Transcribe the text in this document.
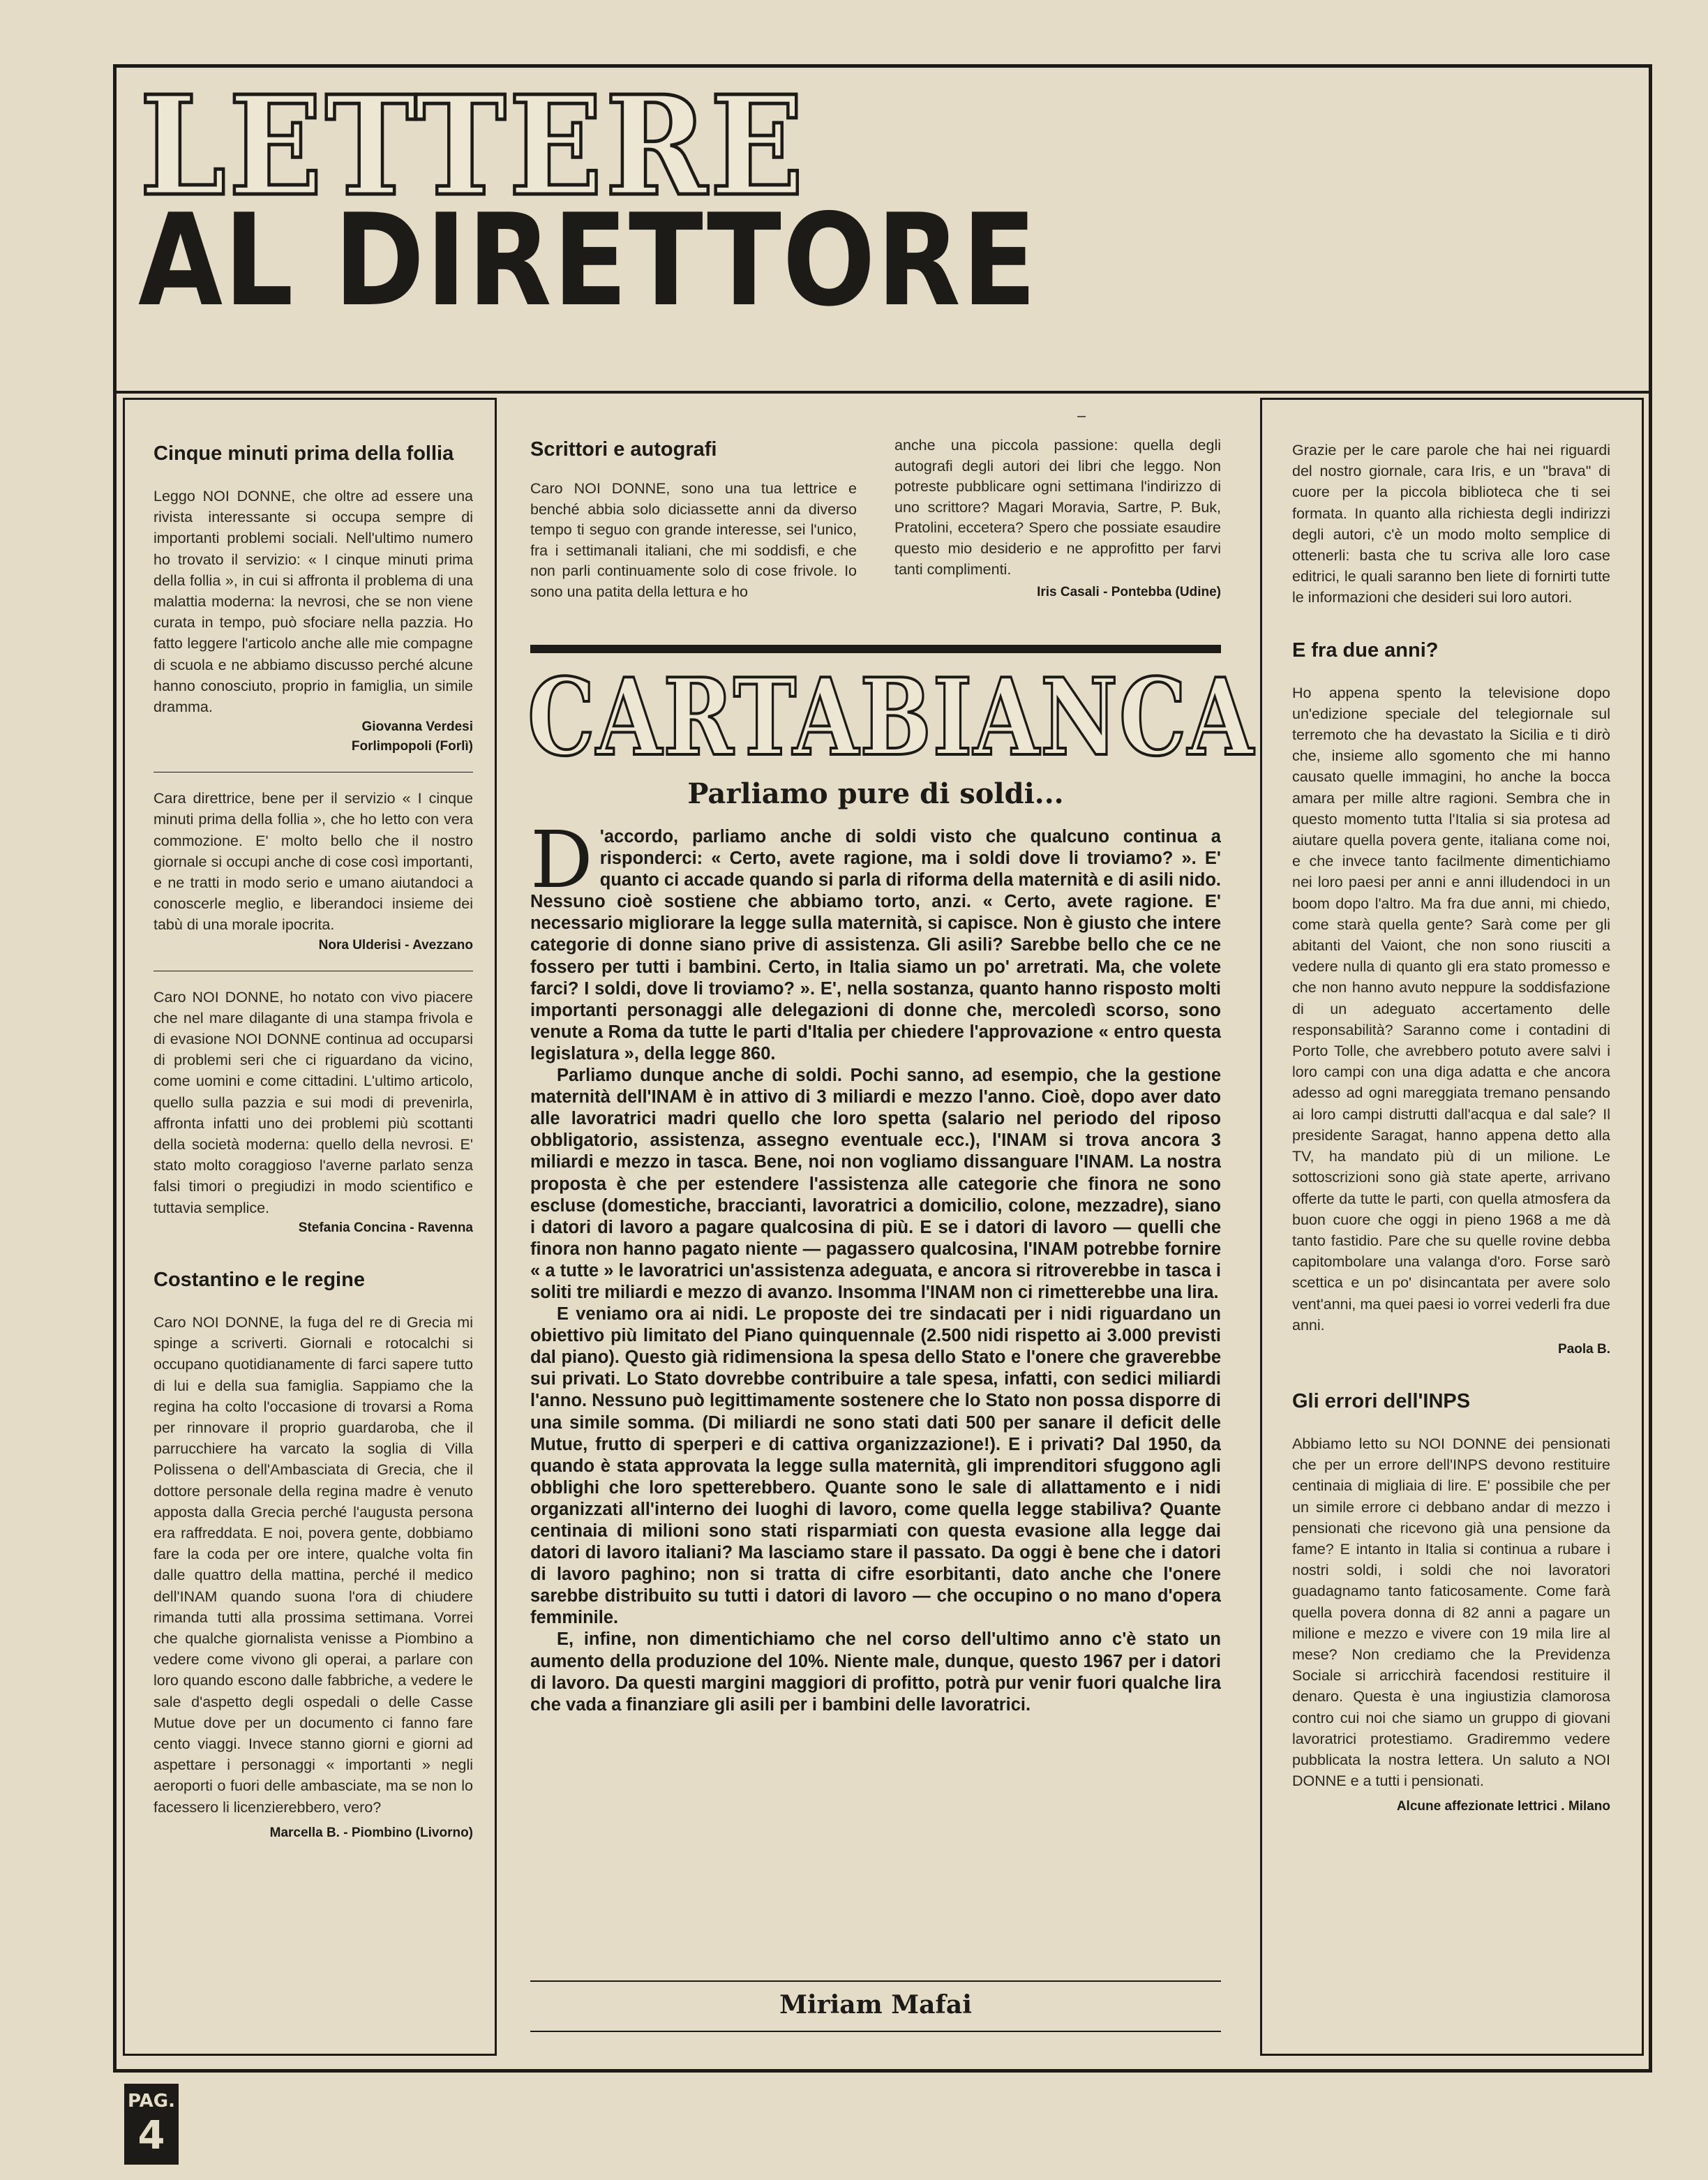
LETTERE
AL DIRETTORE
Cinque minuti prima della follia

Leggo NOI DONNE, che oltre ad essere una rivista interessante si occupa sempre di importanti problemi sociali. Nell'ultimo numero ho trovato il servizio: « I cinque minuti prima della follia », in cui si affronta il problema di una malattia moderna: la nevrosi, che se non viene curata in tempo, può sfociare nella pazzia. Ho fatto leggere l'articolo anche alle mie compagne di scuola e ne abbiamo discusso perché alcune hanno conosciuto, proprio in famiglia, un simile dramma.

Giovanna Verdesi
Forlimpopoli (Forlì)

Cara direttrice, bene per il servizio « I cinque minuti prima della follia », che ho letto con vera commozione. E' molto bello che il nostro giornale si occupi anche di cose così importanti, e ne tratti in modo serio e umano aiutandoci a conoscerle meglio, e liberandoci insieme dei tabù di una morale ipocrita.

Nora Ulderisi - Avezzano

Caro NOI DONNE, ho notato con vivo piacere che nel mare dilagante di una stampa frivola e di evasione NOI DONNE continua ad occuparsi di problemi seri che ci riguardano da vicino, come uomini e come cittadini. L'ultimo articolo, quello sulla pazzia e sui modi di prevenirla, affronta infatti uno dei problemi più scottanti della società moderna: quello della nevrosi. E' stato molto coraggioso l'averne parlato senza falsi timori o pregiudizi in modo scientifico e tuttavia semplice.

Stefania Concina - Ravenna
Costantino e le regine

Caro NOI DONNE, la fuga del re di Grecia mi spinge a scriverti. Giornali e rotocalchi si occupano quotidianamente di farci sapere tutto di lui e della sua famiglia. Sappiamo che la regina ha colto l'occasione di trovarsi a Roma per rinnovare il proprio guardaroba, che il parrucchiere ha varcato la soglia di Villa Polissena o dell'Ambasciata di Grecia, che il dottore personale della regina madre è venuto apposta dalla Grecia perché l'augusta persona era raffreddata. E noi, povera gente, dobbiamo fare la coda per ore intere, qualche volta fin dalle quattro della mattina, perché il medico dell'INAM quando suona l'ora di chiudere rimanda tutti alla prossima settimana. Vorrei che qualche giornalista venisse a Piombino a vedere come vivono gli operai, a parlare con loro quando escono dalle fabbriche, a vedere le sale d'aspetto degli ospedali o delle Casse Mutue dove per un documento ci fanno fare cento viaggi. Invece stanno giorni e giorni ad aspettare i personaggi « importanti » negli aeroporti o fuori delle ambasciate, ma se non lo facessero li licenzierebbero, vero?

Marcella B. - Piombino (Livorno)
Scrittori e autografi

Caro NOI DONNE, sono una tua lettrice e benché abbia solo diciassette anni da diverso tempo ti seguo con grande interesse, sei l'unico, fra i settimanali italiani, che mi soddisfi, e che non parli continuamente solo di cose frivole. Io sono una patita della lettura e ho

anche una piccola passione: quella degli autografi degli autori dei libri che leggo. Non potreste pubblicare ogni settimana l'indirizzo di uno scrittore? Magari Moravia, Sartre, P. Buk, Pratolini, eccetera? Spero che possiate esaudire questo mio desiderio e ne approfitto per farvi tanti complimenti.

Iris Casali - Pontebba (Udine)
CARTABIANCA
Parliamo pure di soldi...

D 'accordo, parliamo anche di soldi visto che qualcuno continua a risponderci: « Certo, avete ragione, ma i soldi dove li troviamo? ». E' quanto ci accade quando si parla di riforma della maternità e di asili nido. Nessuno cioè sostiene che abbiamo torto, anzi. « Certo, avete ragione. E' necessario migliorare la legge sulla maternità, si capisce. Non è giusto che intere categorie di donne siano prive di assistenza. Gli asili? Sarebbe bello che ce ne fossero per tutti i bambini. Certo, in Italia siamo un po' arretrati. Ma, che volete farci? I soldi, dove li troviamo? ». E', nella sostanza, quanto hanno risposto molti importanti personaggi alle delegazioni di donne che, mercoledì scorso, sono venute a Roma da tutte le parti d'Italia per chiedere l'approvazione « entro questa legislatura », della legge 860.

Parliamo dunque anche di soldi. Pochi sanno, ad esempio, che la gestione maternità dell'INAM è in attivo di 3 miliardi e mezzo l'anno. Cioè, dopo aver dato alle lavoratrici madri quello che loro spetta (salario nel periodo del riposo obbligatorio, assistenza, assegno eventuale ecc.), l'INAM si trova ancora 3 miliardi e mezzo in tasca. Bene, noi non vogliamo dissanguare l'INAM. La nostra proposta è che per estendere l'assistenza alle categorie che finora ne sono escluse (domestiche, braccianti, lavoratrici a domicilio, colone, mezzadre), siano i datori di lavoro a pagare qualcosina di più. E se i datori di lavoro — quelli che finora non hanno pagato niente — pagassero qualcosina, l'INAM potrebbe fornire « a tutte » le lavoratrici un'assistenza adeguata, e ancora si ritroverebbe in tasca i soliti tre miliardi e mezzo di avanzo. Insomma l'INAM non ci rimetterebbe una lira.

E veniamo ora ai nidi. Le proposte dei tre sindacati per i nidi riguardano un obiettivo più limitato del Piano quinquennale (2.500 nidi rispetto ai 3.000 previsti dal piano). Questo già ridimensiona la spesa dello Stato e l'onere che graverebbe sui privati. Lo Stato dovrebbe contribuire a tale spesa, infatti, con sedici miliardi l'anno. Nessuno può legittimamente sostenere che lo Stato non possa disporre di una simile somma. (Di miliardi ne sono stati dati 500 per sanare il deficit delle Mutue, frutto di sperperi e di cattiva organizzazione!). E i privati? Dal 1950, da quando è stata approvata la legge sulla maternità, gli imprenditori sfuggono agli obblighi che loro spetterebbero. Quante sono le sale di allattamento e i nidi organizzati all'interno dei luoghi di lavoro, come quella legge stabiliva? Quante centinaia di milioni sono stati risparmiati con questa evasione alla legge dai datori di lavoro italiani? Ma lasciamo stare il passato. Da oggi è bene che i datori di lavoro paghino; non si tratta di cifre esorbitanti, dato anche che l'onere sarebbe distribuito su tutti i datori di lavoro — che occupino o no mano d'opera femminile.

E, infine, non dimentichiamo che nel corso dell'ultimo anno c'è stato un aumento della produzione del 10%. Niente male, dunque, questo 1967 per i datori di lavoro. Da questi margini maggiori di profitto, potrà pur venir fuori qualche lira che vada a finanziare gli asili per i bambini delle lavoratrici.

Miriam Mafai

Grazie per le care parole che hai nei riguardi del nostro giornale, cara Iris, e un "brava" di cuore per la piccola biblioteca che ti sei formata. In quanto alla richiesta degli indirizzi degli autori, c'è un modo molto semplice di ottenerli: basta che tu scriva alle loro case editrici, le quali saranno ben liete di fornirti tutte le informazioni che desideri sui loro autori.

E fra due anni?

Ho appena spento la televisione dopo un'edizione speciale del telegiornale sul terremoto che ha devastato la Sicilia e ti dirò che, insieme allo sgomento che mi hanno causato quelle immagini, ho anche la bocca amara per mille altre ragioni. Sembra che in questo momento tutta l'Italia si sia protesa ad aiutare quella povera gente, italiana come noi, e che invece tanto facilmente dimentichiamo nei loro paesi per anni e anni illudendoci in un boom dopo l'altro. Ma fra due anni, mi chiedo, come starà quella gente? Sarà come per gli abitanti del Vaiont, che non sono riusciti a vedere nulla di quanto gli era stato promesso e che non hanno avuto neppure la soddisfazione di un adeguato accertamento delle responsabilità? Saranno come i contadini di Porto Tolle, che avrebbero potuto avere salvi i loro campi con una diga adatta e che ancora adesso ad ogni mareggiata tremano pensando ai loro campi distrutti dall'acqua e dal sale? Il presidente Saragat, hanno appena detto alla TV, ha mandato più di un milione. Le sottoscrizioni sono già state aperte, arrivano offerte da tutte le parti, con quella atmosfera da buon cuore che oggi in pieno 1968 a me dà tanto fastidio. Pare che su quelle rovine debba capitombolare una valanga d'oro. Forse sarò scettica e un po' disincantata per avere solo vent'anni, ma quei paesi io vorrei vederli fra due anni.

Paola B.
Gli errori dell'INPS

Abbiamo letto su NOI DONNE dei pensionati che per un errore dell'INPS devono restituire centinaia di migliaia di lire. E' possibile che per un simile errore ci debbano andar di mezzo i pensionati che ricevono già una pensione da fame? E intanto in Italia si continua a rubare i nostri soldi, i soldi che noi lavoratori guadagnamo tanto faticosamente. Come farà quella povera donna di 82 anni a pagare un milione e mezzo e vivere con 19 mila lire al mese? Non crediamo che la Previdenza Sociale si arricchirà facendosi restituire il denaro. Questa è una ingiustizia clamorosa contro cui noi che siamo un gruppo di giovani lavoratrici protestiamo. Gradiremmo vedere pubblicata la nostra lettera. Un saluto a NOI DONNE e a tutti i pensionati.

Alcune affezionate lettrici . Milano
PAG.
4
